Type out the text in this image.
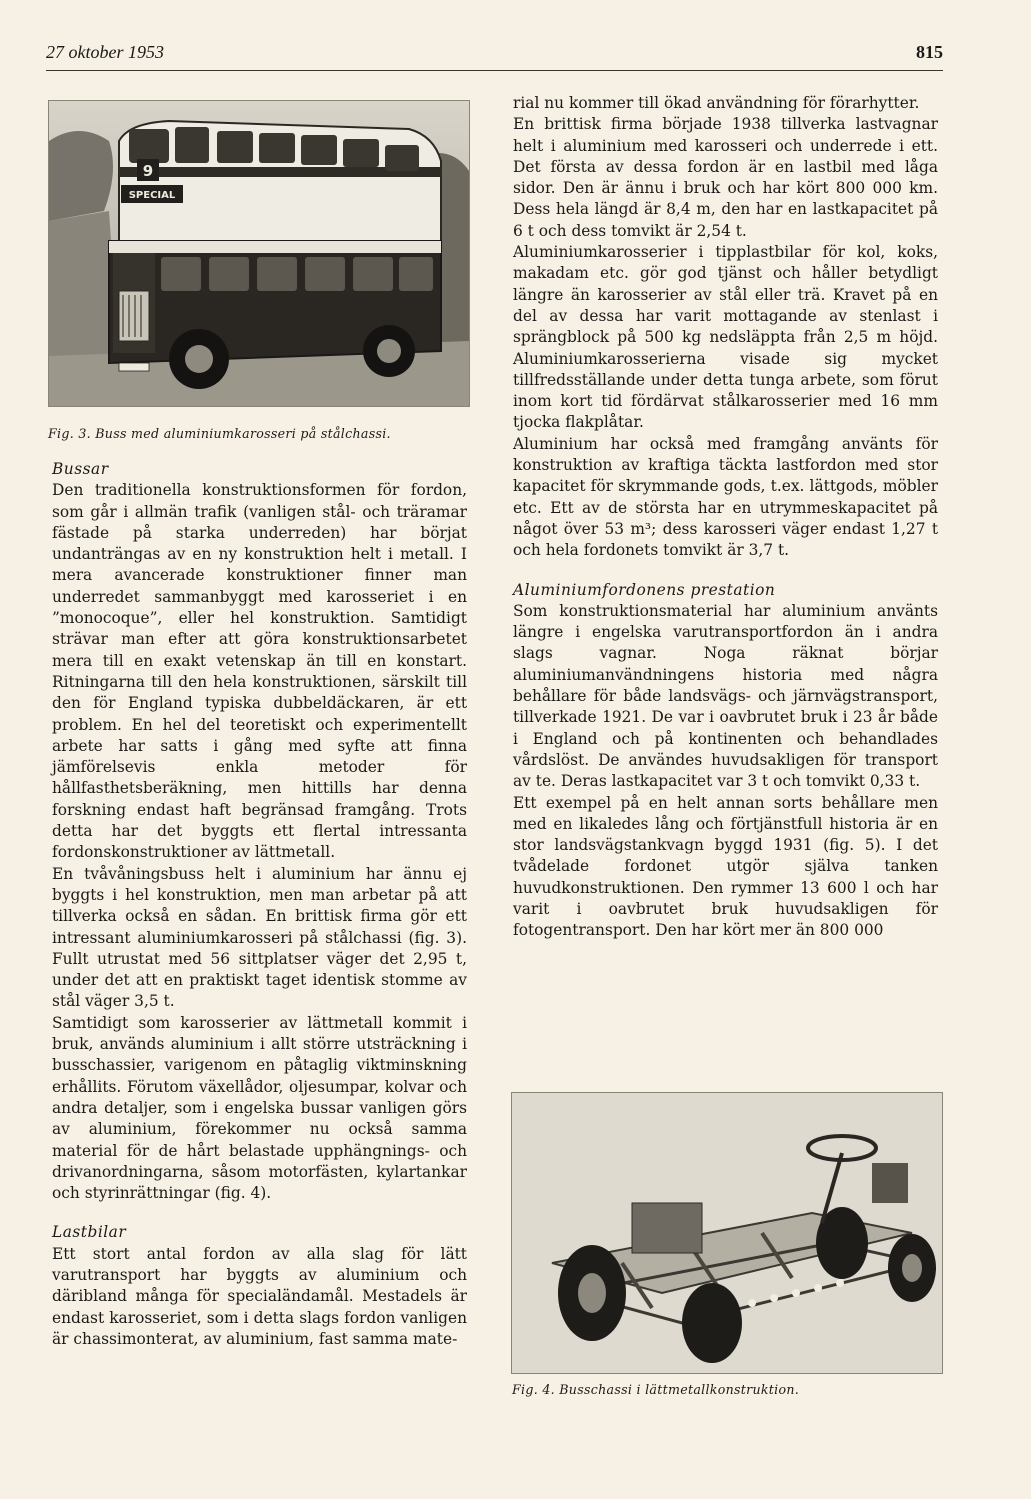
27 oktober 1953	815
SPECIAL
9
Fig. 3. Buss med aluminiumkarosseri på stålchassi.

Bussar

Den traditionella konstruktionsformen för fordon, som går i allmän trafik (vanligen stål- och träramar fästade på starka underreden) har börjat undanträngas av en ny konstruktion helt i metall. I mera avancerade konstruktioner finner man underredet sammanbyggt med karosseriet i en ”monocoque”, eller hel konstruktion. Samtidigt strävar man efter att göra konstruktionsarbetet mera till en exakt vetenskap än till en konstart. Ritningarna till den hela konstruktionen, särskilt till den för England typiska dubbeldäckaren, är ett problem. En hel del teoretiskt och experimentellt arbete har satts i gång med syfte att finna jämförelsevis enkla metoder för hållfasthetsberäkning, men hittills har denna forskning endast haft begränsad framgång. Trots detta har det byggts ett flertal intressanta fordonskonstruktioner av lättmetall.

En tvåvåningsbuss helt i aluminium har ännu ej byggts i hel konstruktion, men man arbetar på att tillverka också en sådan. En brittisk firma gör ett intressant aluminiumkarosseri på stålchassi (fig. 3). Fullt utrustat med 56 sittplatser väger det 2,95 t, under det att en praktiskt taget identisk stomme av stål väger 3,5 t.

Samtidigt som karosserier av lättmetall kommit i bruk, används aluminium i allt större utsträckning i busschassier, varigenom en påtaglig viktminskning erhållits. Förutom växellådor, oljesumpar, kolvar och andra detaljer, som i engelska bussar vanligen görs av aluminium, förekommer nu också samma material för de hårt belastade upphängnings- och drivanordningarna, såsom motorfästen, kylartankar och styrinrättningar (fig. 4).

Lastbilar

Ett stort antal fordon av alla slag för lätt varutransport har byggts av aluminium och däribland många för specialändamål. Mestadels är endast karosseriet, som i detta slags fordon vanligen är chassimonterat, av aluminium, fast samma mate-

rial nu kommer till ökad användning för förarhytter.

En brittisk firma började 1938 tillverka lastvagnar helt i aluminium med karosseri och underrede i ett. Det första av dessa fordon är en lastbil med låga sidor. Den är ännu i bruk och har kört 800 000 km. Dess hela längd är 8,4 m, den har en lastkapacitet på 6 t och dess tomvikt är 2,54 t.

Aluminiumkarosserier i tipplastbilar för kol, koks, makadam etc. gör god tjänst och håller betydligt längre än karosserier av stål eller trä. Kravet på en del av dessa har varit mottagande av stenlast i sprängblock på 500 kg nedsläppta från 2,5 m höjd. Aluminiumkarosserierna visade sig mycket tillfredsställande under detta tunga arbete, som förut inom kort tid fördärvat stålkarosserier med 16 mm tjocka flakplåtar.

Aluminium har också med framgång använts för konstruktion av kraftiga täckta lastfordon med stor kapacitet för skrymmande gods, t.ex. lättgods, möbler etc. Ett av de största har en utrymmeskapacitet på något över 53 m³; dess karosseri väger endast 1,27 t och hela fordonets tomvikt är 3,7 t.

Aluminiumfordonens prestation

Som konstruktionsmaterial har aluminium använts längre i engelska varutransportfordon än i andra slags vagnar. Noga räknat börjar aluminiumanvändningens historia med några behållare för både landsvägs- och järnvägstransport, tillverkade 1921. De var i oavbrutet bruk i 23 år både i England och på kontinenten och behandlades vårdslöst. De användes huvudsakligen för transport av te. Deras lastkapacitet var 3 t och tomvikt 0,33 t.

Ett exempel på en helt annan sorts behållare men med en likaledes lång och förtjänstfull historia är en stor landsvägstankvagn byggd 1931 (fig. 5). I det tvådelade fordonet utgör själva tanken huvudkonstruktionen. Den rymmer 13 600 l och har varit i oavbrutet bruk huvudsakligen för fotogentransport. Den har kört mer än 800 000

Fig. 4. Busschassi i lättmetallkonstruktion.
